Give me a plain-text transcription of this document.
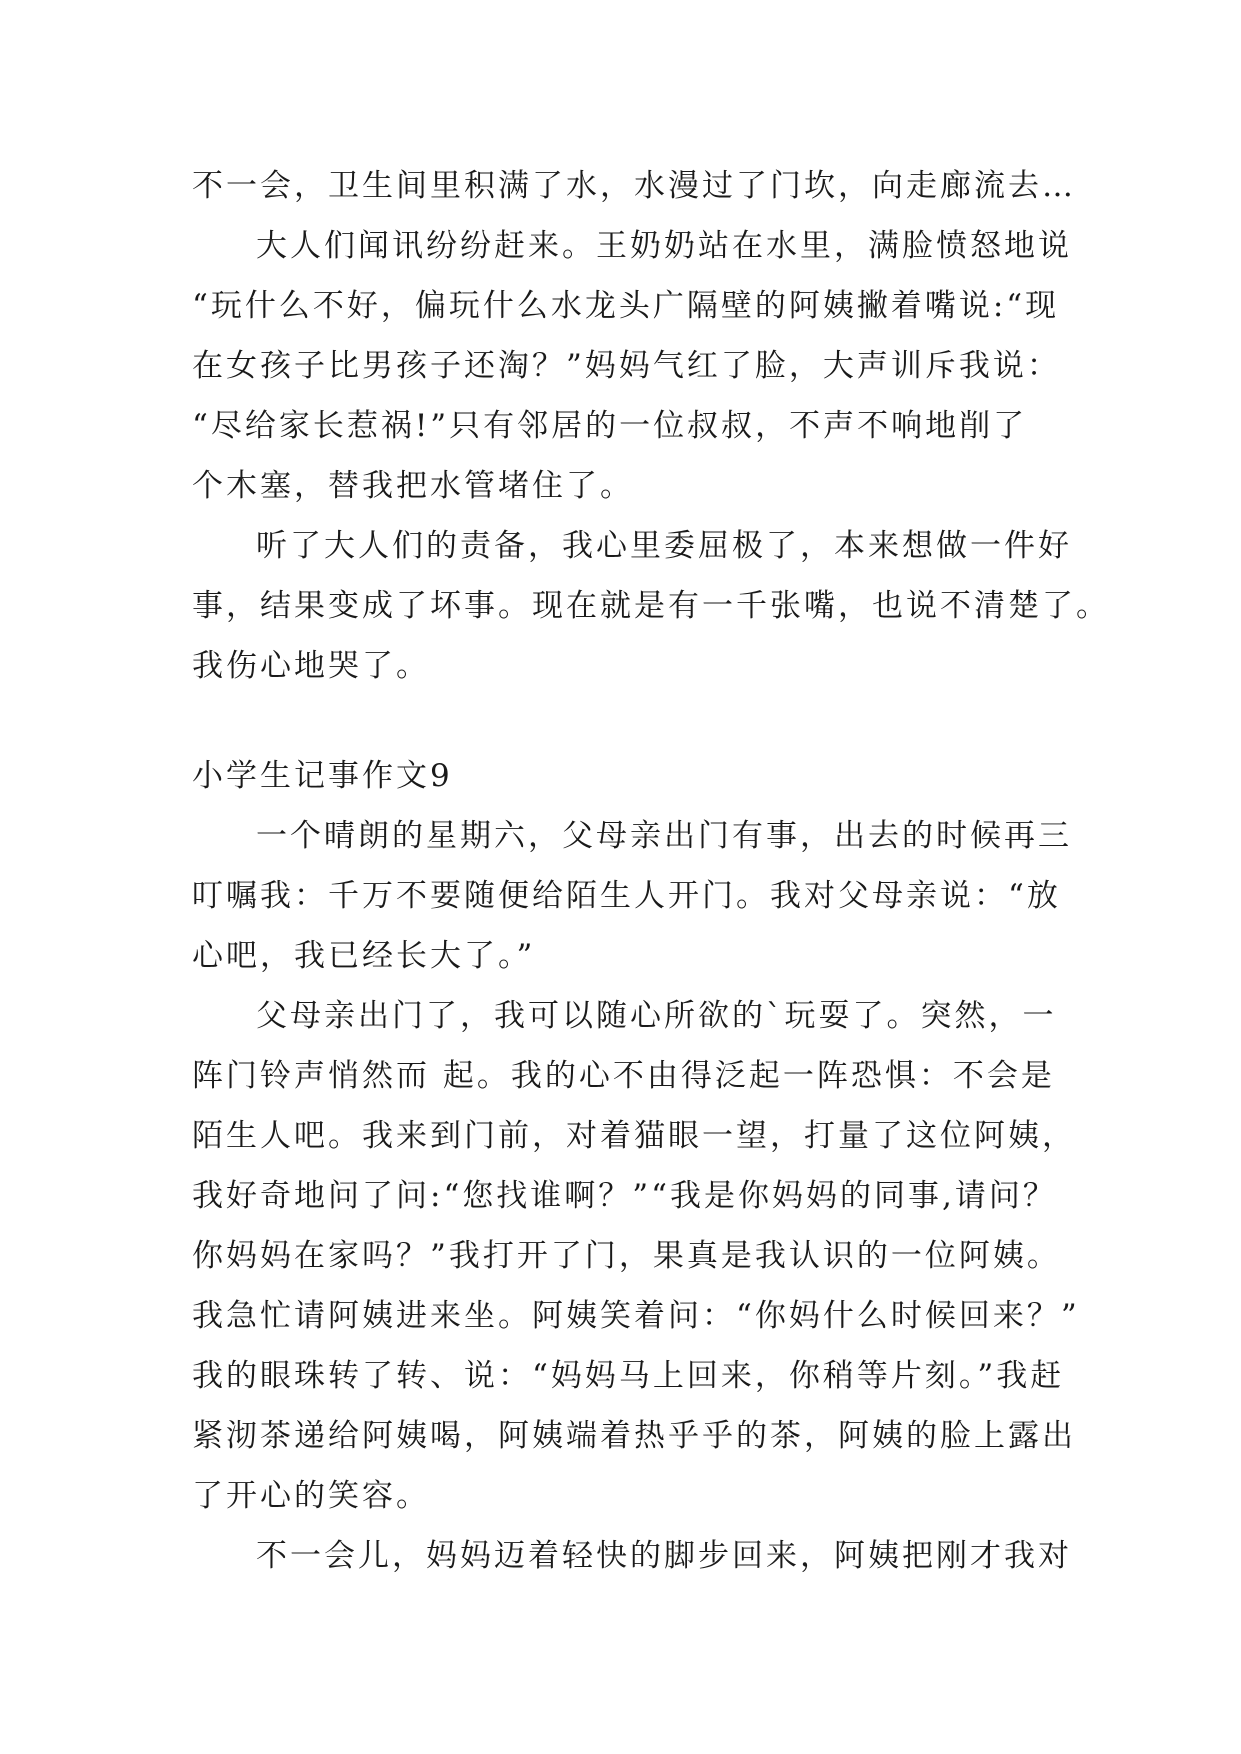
不一会，卫生间里积满了水，水漫过了门坎，向走廊流去…
大人们闻讯纷纷赶来。王奶奶站在水里，满脸愤怒地说
“玩什么不好，偏玩什么水龙头广隔壁的阿姨撇着嘴说:“现
在女孩子比男孩子还淘？”妈妈气红了脸，大声训斥我说：
“尽给家长惹祸!”只有邻居的一位叔叔，不声不响地削了
个木塞，替我把水管堵住了。
听了大人们的责备，我心里委屈极了，本来想做一件好
事，结果变成了坏事。现在就是有一千张嘴，也说不清楚了。
我伤心地哭了。
小学生记事作文9
一个晴朗的星期六，父母亲出门有事，出去的时候再三
叮嘱我：千万不要随便给陌生人开门。我对父母亲说：“放
心吧，我已经长大了。”
父母亲出门了，我可以随心所欲的`玩耍了。突然，一
阵门铃声悄然而 起。我的心不由得泛起一阵恐惧：不会是
陌生人吧。我来到门前，对着猫眼一望，打量了这位阿姨，
我好奇地问了问:“您找谁啊？”“我是你妈妈的同事,请问？
你妈妈在家吗？”我打开了门，果真是我认识的一位阿姨。
我急忙请阿姨进来坐。阿姨笑着问：“你妈什么时候回来？”
我的眼珠转了转、说：“妈妈马上回来，你稍等片刻。”我赶
紧沏茶递给阿姨喝，阿姨端着热乎乎的茶，阿姨的脸上露出
了开心的笑容。
不一会儿，妈妈迈着轻快的脚步回来，阿姨把刚才我对
